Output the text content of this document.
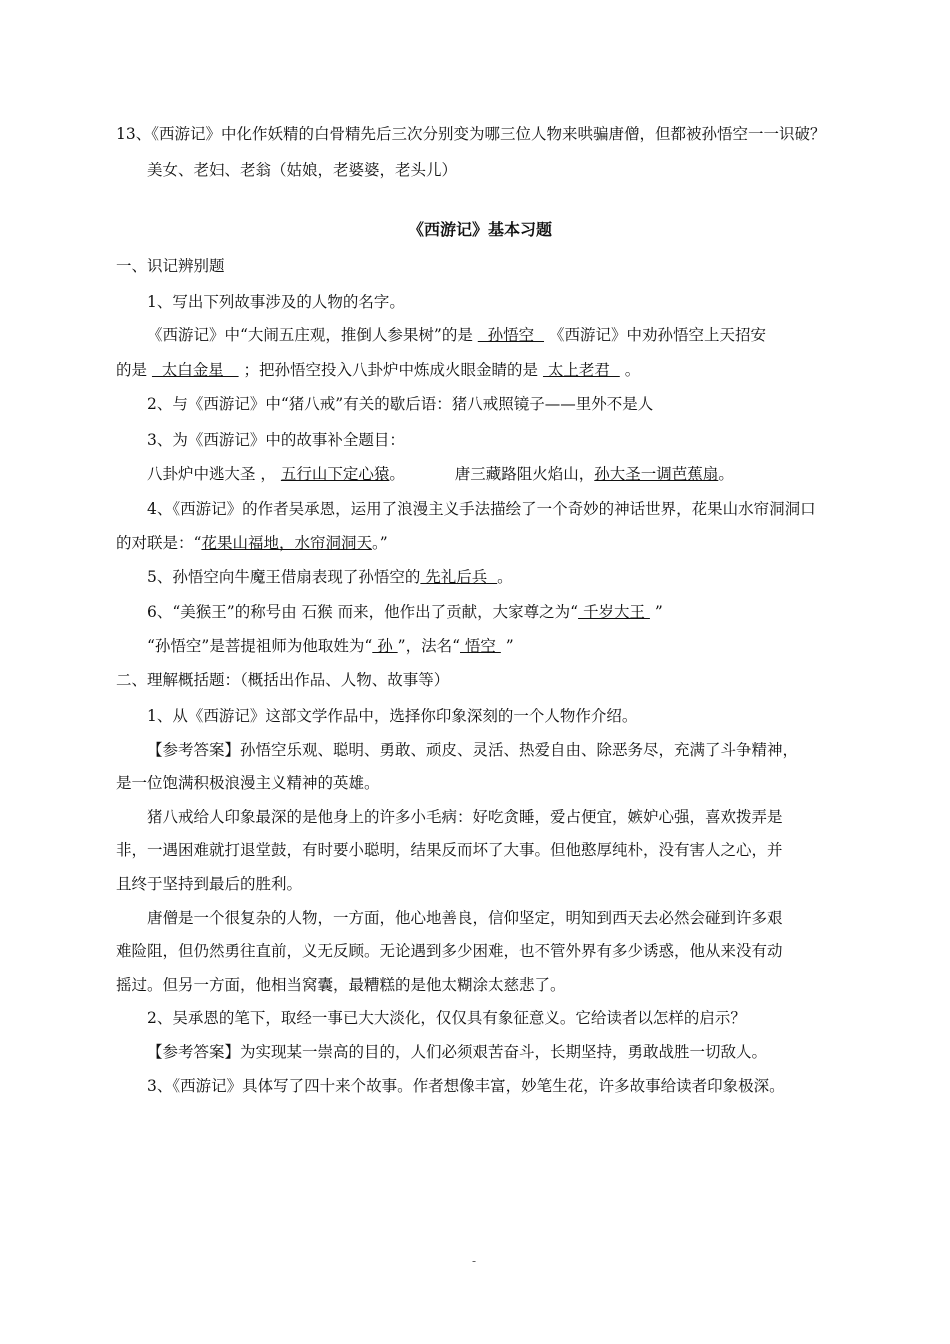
13、《西游记》中化作妖精的白骨精先后三次分别变为哪三位人物来哄骗唐僧，但都被孙悟空一一识破？
美女、老妇、老翁（姑娘，老婆婆，老头儿）
《西游记》基本习题
一、识记辨别题
1、写出下列故事涉及的人物的名字。
《西游记》中“大闹五庄观，推倒人参果树”的是   孙悟空   《西游记》中劝孙悟空上天招安
的是   太白金星    ；把孙悟空投入八卦炉中炼成火眼金睛的是  太上老君   。
2、与《西游记》中“猪八戒”有关的歇后语：猪八戒照镜子——里外不是人
3、为《西游记》中的故事补全题目：
八卦炉中逃大圣 ， 五行山下定心猿。	唐三藏路阻火焰山，孙大圣一调芭蕉扇。
4、《西游记》的作者吴承恩，运用了浪漫主义手法描绘了一个奇妙的神话世界，花果山水帘洞洞口
的对联是：“花果山福地，水帘洞洞天。”
5、孙悟空向牛魔王借扇表现了孙悟空的 先礼后兵  。
6、“美猴王”的称号由 石猴 而来，他作出了贡献，大家尊之为“ 千岁大王  ”
“孙悟空”是菩提祖师为他取姓为“ 孙 ”，法名“ 悟空  ”
二、理解概括题：（概括出作品、人物、故事等）
1、从《西游记》这部文学作品中，选择你印象深刻的一个人物作介绍。
【参考答案】孙悟空乐观、聪明、勇敢、顽皮、灵活、热爱自由、除恶务尽，充满了斗争精神，
是一位饱满积极浪漫主义精神的英雄。
猪八戒给人印象最深的是他身上的许多小毛病：好吃贪睡，爱占便宜，嫉妒心强，喜欢拨弄是
非，一遇困难就打退堂鼓，有时要小聪明，结果反而坏了大事。但他憨厚纯朴，没有害人之心，并
且终于坚持到最后的胜利。
唐僧是一个很复杂的人物，一方面，他心地善良，信仰坚定，明知到西天去必然会碰到许多艰
难险阻，但仍然勇往直前，义无反顾。无论遇到多少困难，也不管外界有多少诱惑，他从来没有动
摇过。但另一方面，他相当窝囊，最糟糕的是他太糊涂太慈悲了。
2、吴承恩的笔下，取经一事已大大淡化，仅仅具有象征意义。它给读者以怎样的启示？
【参考答案】为实现某一崇高的目的，人们必须艰苦奋斗，长期坚持，勇敢战胜一切敌人。
3、《西游记》具体写了四十来个故事。作者想像丰富，妙笔生花，许多故事给读者印象极深。
-
